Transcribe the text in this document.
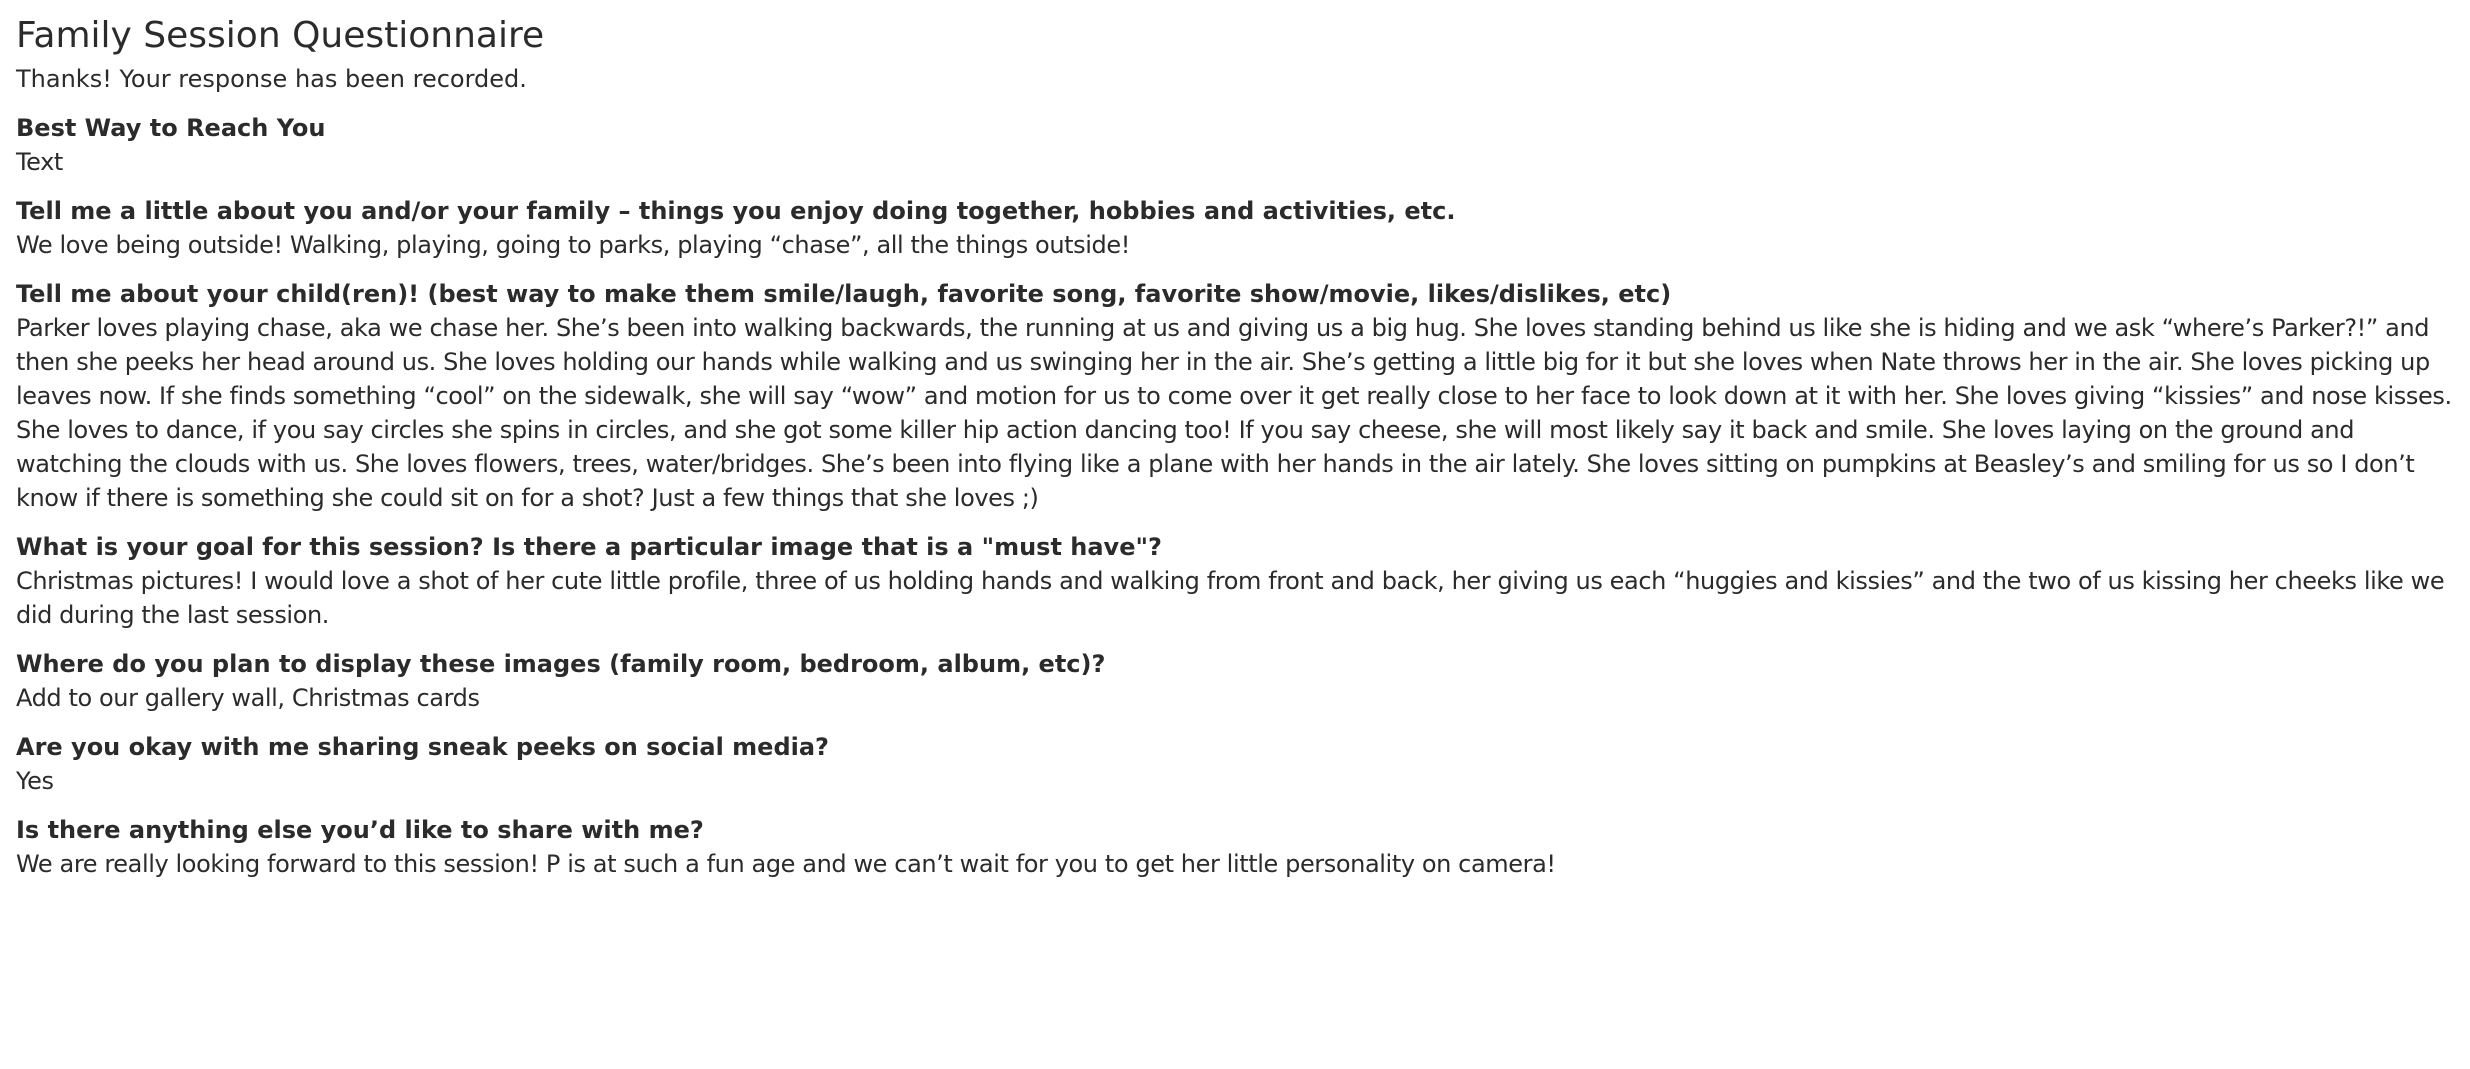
Family Session Questionnaire
Thanks! Your response has been recorded.
Best Way to Reach You
Text
Tell me a little about you and/or your family – things you enjoy doing together, hobbies and activities, etc.
We love being outside! Walking, playing, going to parks, playing “chase”, all the things outside!
Tell me about your child(ren)! (best way to make them smile/laugh, favorite song, favorite show/movie, likes/dislikes, etc)
Parker loves playing chase, aka we chase her. She’s been into walking backwards, the running at us and giving us a big hug. She loves standing behind us like she is hiding and we ask “where’s Parker?!” and then she peeks her head around us. She loves holding our hands while walking and us swinging her in the air. She’s getting a little big for it but she loves when Nate throws her in the air. She loves picking up leaves now. If she finds something “cool” on the sidewalk, she will say “wow” and motion for us to come over it get really close to her face to look down at it with her. She loves giving “kissies” and nose kisses. She loves to dance, if you say circles she spins in circles, and she got some killer hip action dancing too! If you say cheese, she will most likely say it back and smile. She loves laying on the ground and watching the clouds with us. She loves flowers, trees, water/bridges. She’s been into flying like a plane with her hands in the air lately. She loves sitting on pumpkins at Beasley’s and smiling for us so I don’t know if there is something she could sit on for a shot? Just a few things that she loves ;)
What is your goal for this session? Is there a particular image that is a "must have"?
Christmas pictures! I would love a shot of her cute little profile, three of us holding hands and walking from front and back, her giving us each “huggies and kissies” and the two of us kissing her cheeks like we did during the last session.
Where do you plan to display these images (family room, bedroom, album, etc)?
Add to our gallery wall, Christmas cards
Are you okay with me sharing sneak peeks on social media?
Yes
Is there anything else you’d like to share with me?
We are really looking forward to this session! P is at such a fun age and we can’t wait for you to get her little personality on camera!
